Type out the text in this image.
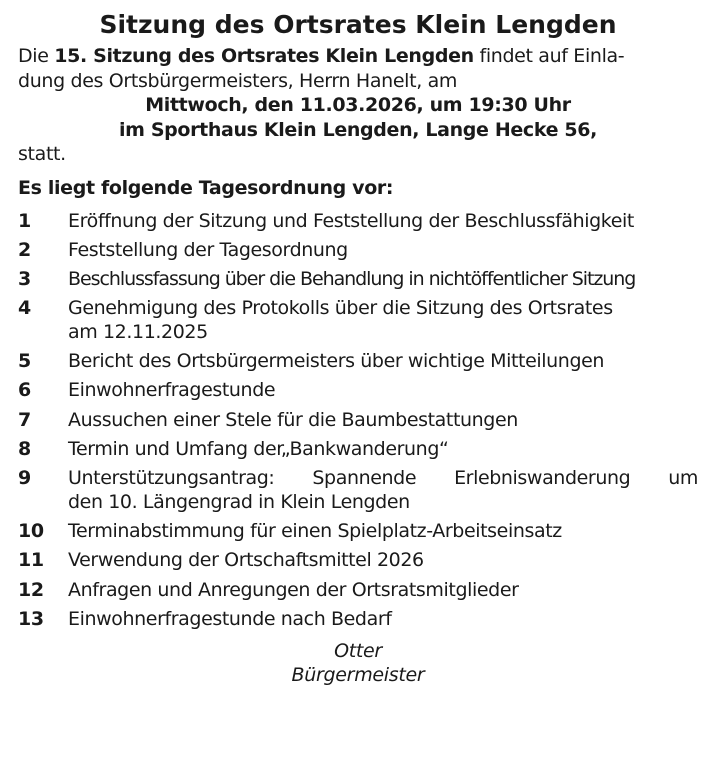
Sitzung des Ortsrates Klein Lengden
Die 15. Sitzung des Ortsrates Klein Lengden findet auf Einla-
dung des Ortsbürgermeisters, Herrn Hanelt, am
Mittwoch, den 11.03.2026, um 19:30 Uhr
im Sporthaus Klein Lengden, Lange Hecke 56,
statt.
Es liegt folgende Tagesordnung vor:
1	Eröffnung der Sitzung und Feststellung der Beschlussfähigkeit
2	Feststellung der Tagesordnung
3	Beschlussfassung über die Behandlung in nichtöffentlicher Sitzung
4	Genehmigung des Protokolls über die Sitzung des Ortsrates
am 12.11.2025
5	Bericht des Ortsbürgermeisters über wichtige Mitteilungen
6	Einwohnerfragestunde
7	Aussuchen einer Stele für die Baumbestattungen
8	Termin und Umfang der„Bankwanderung“
9	Unterstützungsantrag: Spannende Erlebniswanderung um
den 10. Längengrad in Klein Lengden
10	Terminabstimmung für einen Spielplatz-Arbeitseinsatz
11	Verwendung der Ortschaftsmittel 2026
12	Anfragen und Anregungen der Ortsratsmitglieder
13	Einwohnerfragestunde nach Bedarf
Otter
Bürgermeister
